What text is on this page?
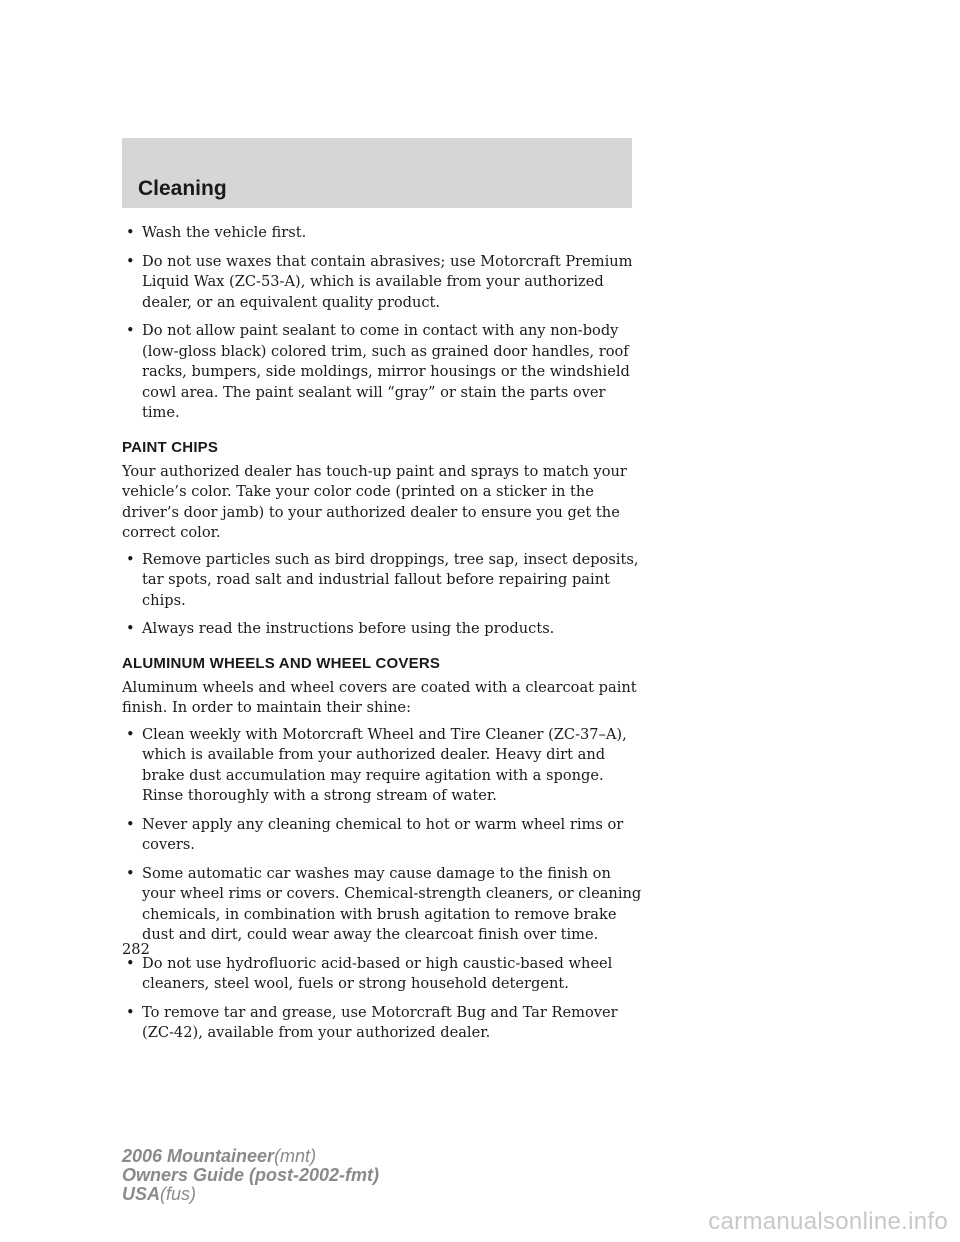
Cleaning

• Wash the vehicle first.

• Do not use waxes that contain abrasives; use Motorcraft Premium Liquid Wax (ZC-53-A), which is available from your authorized dealer, or an equivalent quality product.

• Do not allow paint sealant to come in contact with any non-body (low-gloss black) colored trim, such as grained door handles, roof racks, bumpers, side moldings, mirror housings or the windshield cowl area. The paint sealant will “gray” or stain the parts over time.

PAINT CHIPS

Your authorized dealer has touch-up paint and sprays to match your vehicle’s color. Take your color code (printed on a sticker in the driver’s door jamb) to your authorized dealer to ensure you get the correct color.

• Remove particles such as bird droppings, tree sap, insect deposits, tar spots, road salt and industrial fallout before repairing paint chips.

• Always read the instructions before using the products.

ALUMINUM WHEELS AND WHEEL COVERS

Aluminum wheels and wheel covers are coated with a clearcoat paint finish. In order to maintain their shine:

• Clean weekly with Motorcraft Wheel and Tire Cleaner (ZC-37–A), which is available from your authorized dealer. Heavy dirt and brake dust accumulation may require agitation with a sponge. Rinse thoroughly with a strong stream of water.

• Never apply any cleaning chemical to hot or warm wheel rims or covers.

• Some automatic car washes may cause damage to the finish on your wheel rims or covers. Chemical-strength cleaners, or cleaning chemicals, in combination with brush agitation to remove brake dust and dirt, could wear away the clearcoat finish over time.

• Do not use hydrofluoric acid-based or high caustic-based wheel cleaners, steel wool, fuels or strong household detergent.

• To remove tar and grease, use Motorcraft Bug and Tar Remover (ZC-42), available from your authorized dealer.

282
2006 Mountaineer(mnt)
Owners Guide (post-2002-fmt)
USA(fus)
carmanualsonline.info
